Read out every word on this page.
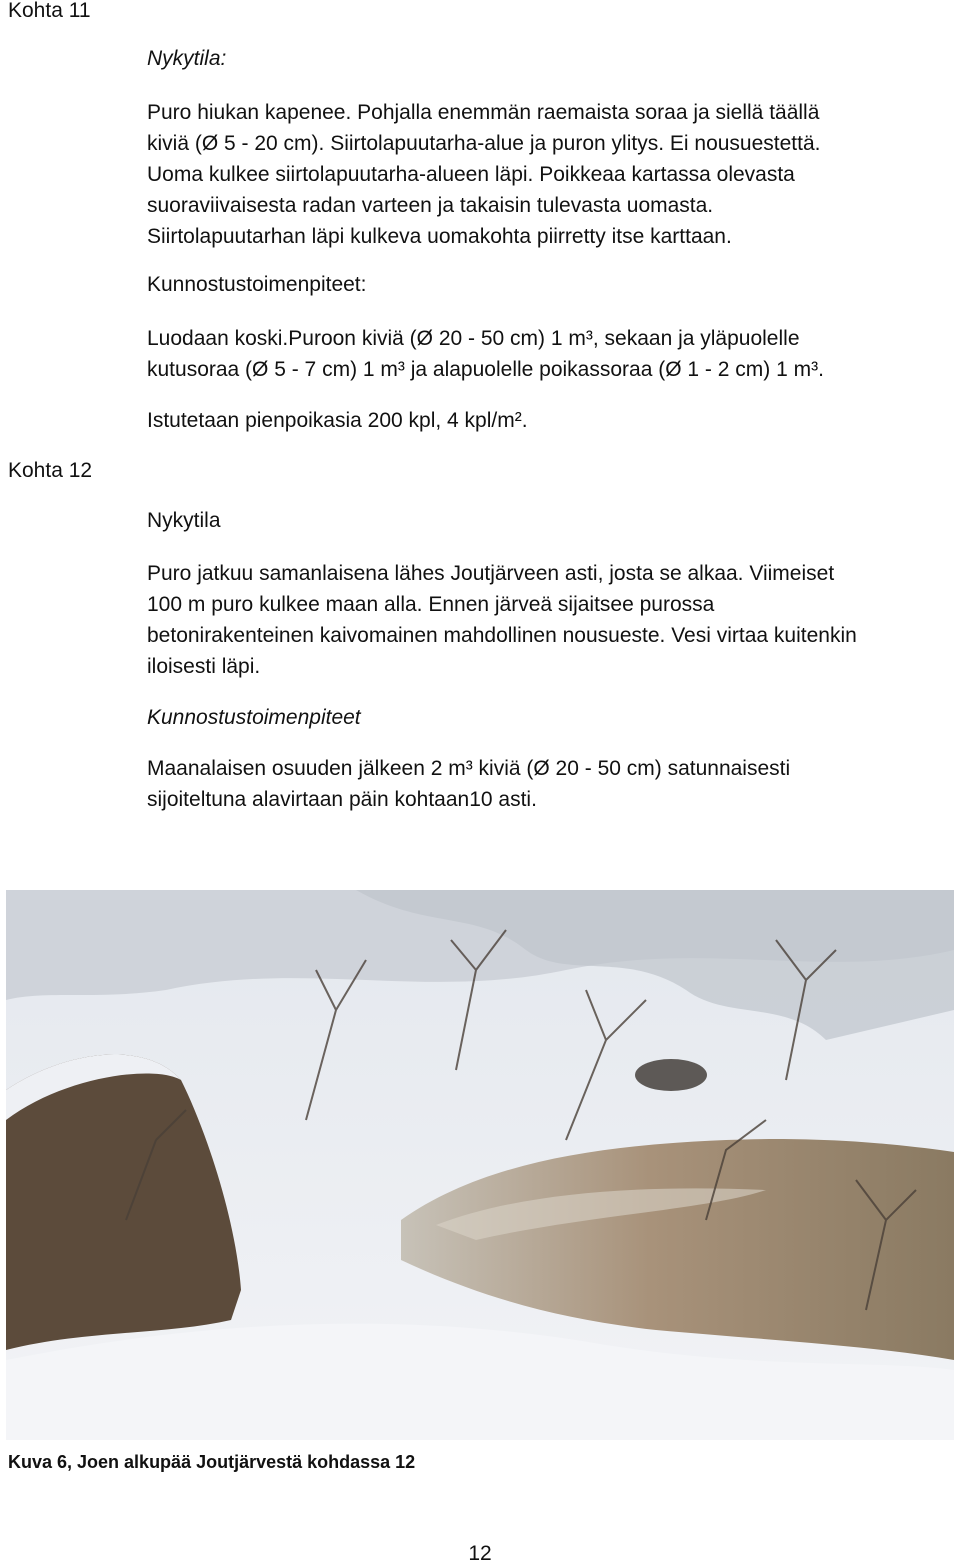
Kohta 11
Nykytila:
Puro hiukan kapenee. Pohjalla enemmän raemaista soraa ja siellä täällä
kiviä (Ø 5 - 20 cm). Siirtolapuutarha-alue ja puron ylitys. Ei nousuestettä.
Uoma kulkee siirtolapuutarha-alueen läpi. Poikkeaa kartassa olevasta
suoraviivaisesta radan varteen ja takaisin tulevasta uomasta.
Siirtolapuutarhan läpi kulkeva uomakohta piirretty itse karttaan.
Kunnostustoimenpiteet:
Luodaan koski.Puroon kiviä (Ø 20 - 50 cm) 1 m³, sekaan ja yläpuolelle
kutusoraa (Ø 5 - 7 cm) 1 m³ ja alapuolelle poikassoraa (Ø 1 - 2 cm) 1 m³.
Istutetaan pienpoikasia 200 kpl, 4 kpl/m².
Kohta 12
Nykytila
Puro jatkuu samanlaisena lähes Joutjärveen asti, josta se alkaa. Viimeiset
100 m puro kulkee maan alla. Ennen järveä sijaitsee purossa
betonirakenteinen kaivomainen mahdollinen nousueste. Vesi virtaa kuitenkin
iloisesti läpi.
Kunnostustoimenpiteet
Maanalaisen osuuden jälkeen 2 m³ kiviä (Ø 20 - 50 cm) satunnaisesti
sijoiteltuna alavirtaan päin kohtaan10 asti.
Kuva 6, Joen alkupää Joutjärvestä kohdassa 12
12
